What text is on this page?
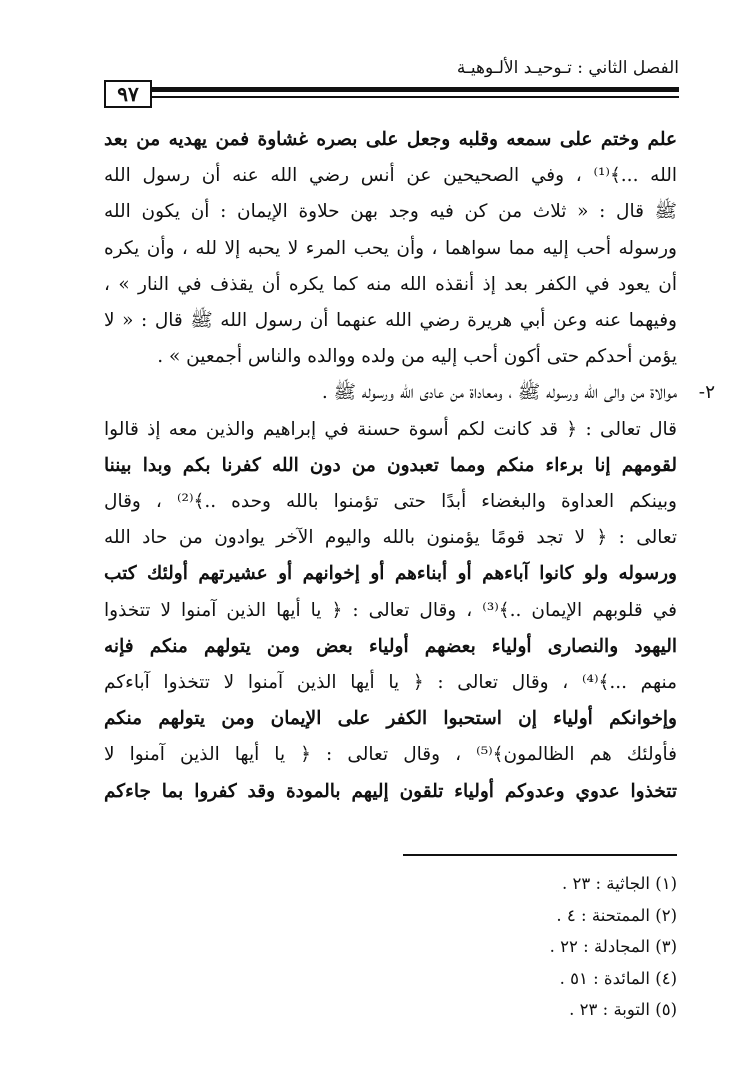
الفصل الثاني : تـوحيـد الألـوهيـة
٩٧
علم وختم على سمعه وقلبه وجعل على بصره غشاوة فمن يهديه من بعد
الله ...﴾⁽¹⁾ ، وفي الصحيحين عن أنس رضي الله عنه أن رسول الله
ﷺ قال : « ثلاث من كن فيه وجد بهن حلاوة الإيمان : أن يكون الله
ورسوله أحب إليه مما سواهما ، وأن يحب المرء لا يحبه إلا لله ، وأن يكره
أن يعود في الكفر بعد إذ أنقذه الله منه كما يكره أن يقذف في النار » ،
وفيهما عنه وعن أبي هريرة رضي الله عنهما أن رسول الله ﷺ قال : « لا
يؤمن أحدكم حتى أكون أحب إليه من ولده ووالده والناس أجمعين » .
٢-
موالاة من والى الله ورسوله ﷺ ، ومعاداة من عادى الله ورسوله ﷺ .
قال تعالى : ﴿ قد كانت لكم أسوة حسنة في إبراهيم والذين معه إذ قالوا
لقومهم إنا برءاء منكم ومما تعبدون من دون الله كفرنا بكم وبدا بيننا
وبينكم العداوة والبغضاء أبدًا حتى تؤمنوا بالله وحده ..﴾⁽²⁾ ، وقال
تعالى : ﴿ لا تجد قومًا يؤمنون بالله واليوم الآخر يوادون من حاد الله
ورسوله ولو كانوا آباءهم أو أبناءهم أو إخوانهم أو عشيرتهم أولئك كتب
في قلوبهم الإيمان ..﴾⁽³⁾ ، وقال تعالى : ﴿ يا أيها الذين آمنوا لا تتخذوا
اليهود والنصارى أولياء بعضهم أولياء بعض ومن يتولهم منكم فإنه
منهم ...﴾⁽⁴⁾ ، وقال تعالى : ﴿ يا أيها الذين آمنوا لا تتخذوا آباءكم
وإخوانكم أولياء إن استحبوا الكفر على الإيمان ومن يتولهم منكم
فأولئك هم الظالمون﴾⁽⁵⁾ ، وقال تعالى : ﴿ يا أيها الذين آمنوا لا
تتخذوا عدوي وعدوكم أولياء تلقون إليهم بالمودة وقد كفروا بما جاءكم
(١) الجاثية : ٢٣ .
(٢) الممتحنة : ٤ .
(٣) المجادلة : ٢٢ .
(٤) المائدة : ٥١ .
(٥) التوبة : ٢٣ .
